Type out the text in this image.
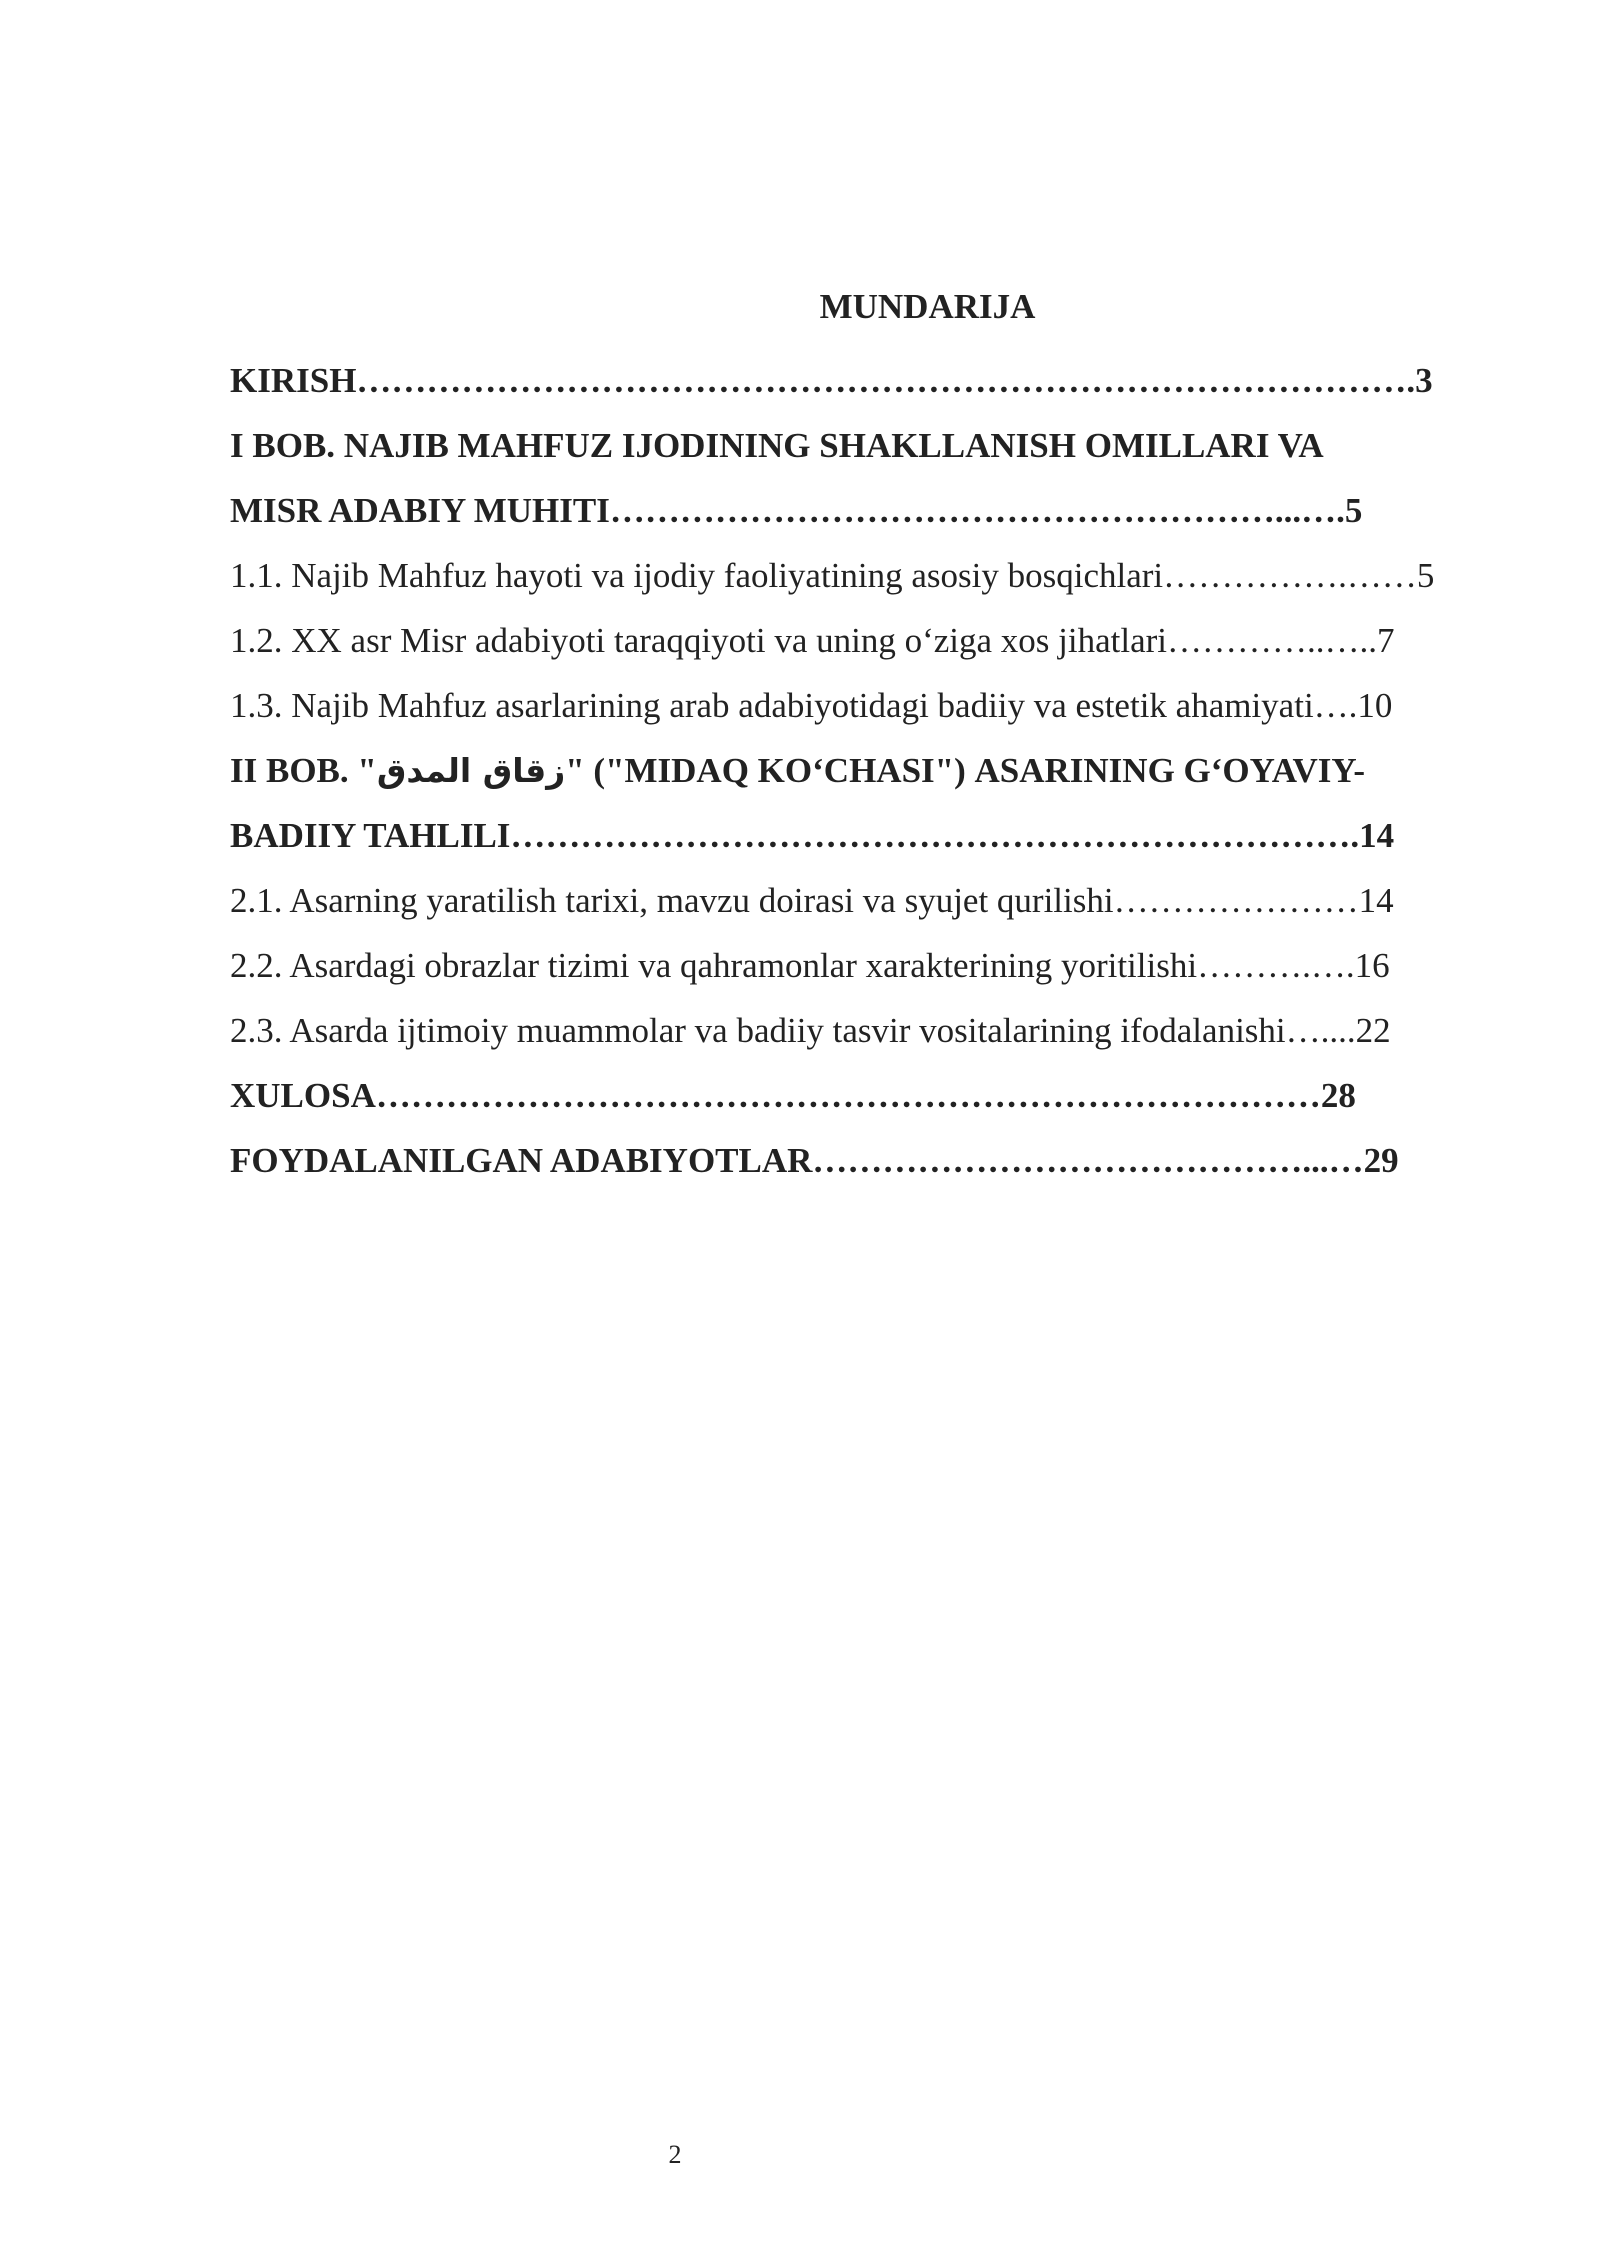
MUNDARIJA
KIRISH……………………………………………………………………………….3
I BOB. NAJIB MAHFUZ IJODINING SHAKLLANISH OMILLARI VA
MISR ADABIY MUHITI…………………………………………………...….5
1.1. Najib Mahfuz hayoti va ijodiy faoliyatining asosiy bosqichlari…………….……5
1.2. XX asr Misr adabiyoti taraqqiyoti va uning oʻziga xos jihatlari…………..…..7
1.3. Najib Mahfuz asarlarining arab adabiyotidagi badiiy va estetik ahamiyati….10
II BOB. "زقاق المدق" ("MIDAQ KOʻCHASI") ASARINING GʻOYAVIY-
BADIIY TAHLILI……………………………………………………………….14
2.1. Asarning yaratilish tarixi, mavzu doirasi va syujet qurilishi…………………14
2.2. Asardagi obrazlar tizimi va qahramonlar xarakterining yoritilishi……….….16
2.3. Asarda ijtimoiy muammolar va badiiy tasvir vositalarining ifodalanishi…....22
XULOSA………………………………………………………………………28
FOYDALANILGAN ADABIYOTLAR……………………………………...…29
2
